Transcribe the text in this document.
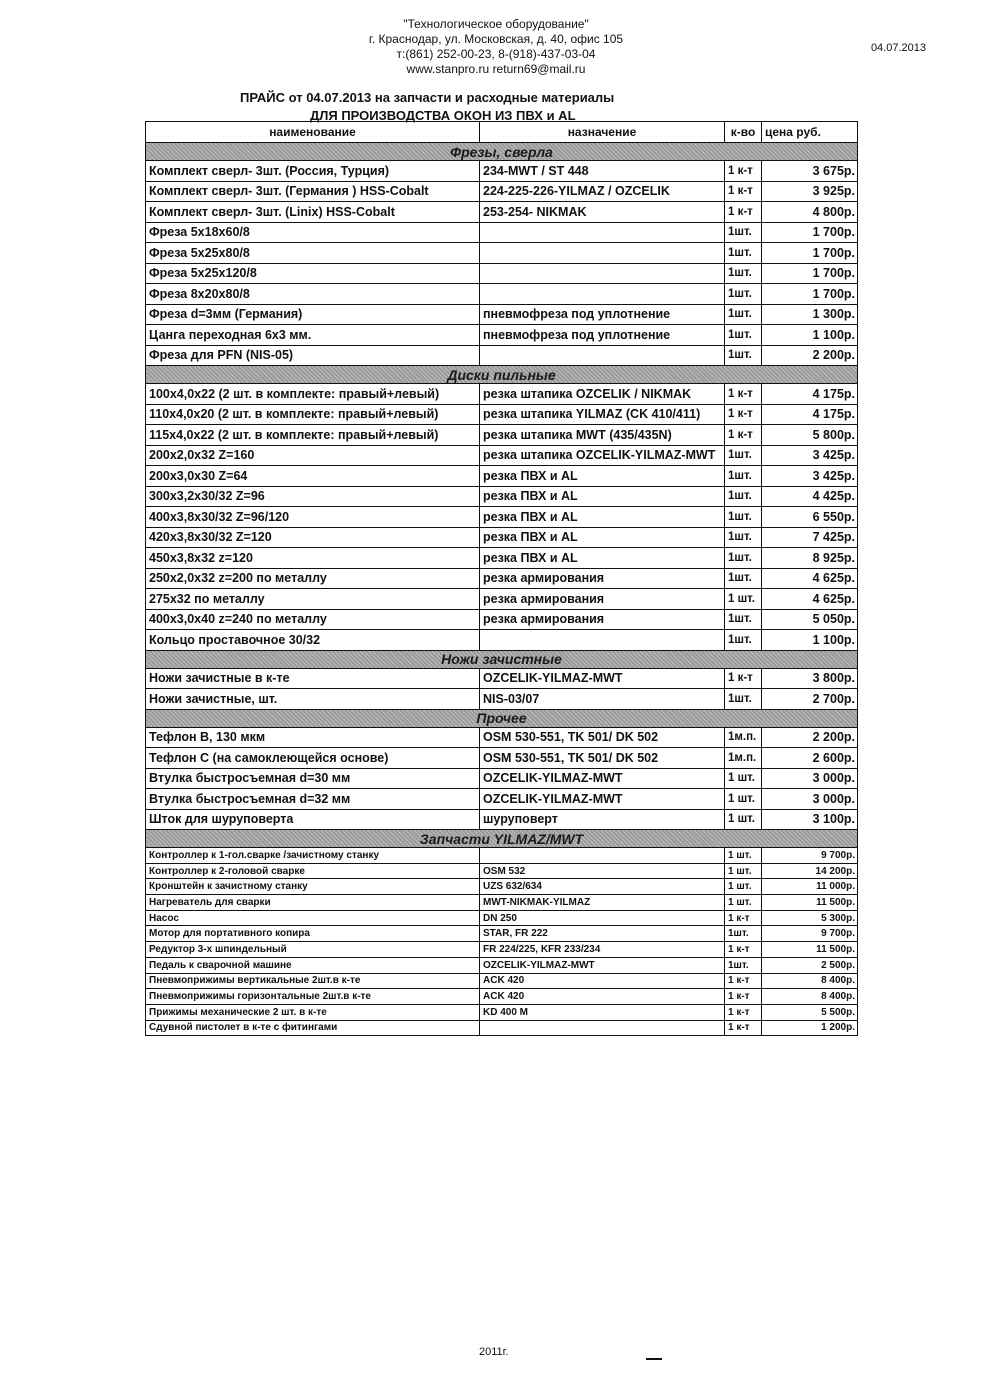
"Технологическое оборудование"
г. Краснодар, ул. Московская, д. 40, офис 105
т:(861) 252-00-23, 8-(918)-437-03-04
www.stanpro.ru return69@mail.ru
04.07.2013
ПРАЙС от 04.07.2013 на запчасти и расходные материалы
ДЛЯ ПРОИЗВОДСТВА ОКОН ИЗ ПВХ и AL
наименование	назначение	к-во	цена руб.
Фрезы, сверла			
Комплект сверл- 3шт. (Россия, Турция)	234-MWT / ST 448	1 к-т	3 675р.
Комплект сверл- 3шт. (Германия ) HSS-Cobalt	224-225-226-YILMAZ / OZCELIK	1 к-т	3 925р.
Комплект сверл- 3шт. (Linix) HSS-Cobalt	253-254- NIKMAK	1 к-т	4 800р.
Фреза 5х18х60/8		1шт.	1 700р.
Фреза 5х25х80/8		1шт.	1 700р.
Фреза 5х25х120/8		1шт.	1 700р.
Фреза 8х20х80/8		1шт.	1 700р.
Фреза d=3мм (Германия)	пневмофреза под уплотнение	1шт.	1 300р.
Цанга переходная 6х3 мм.	пневмофреза под уплотнение	1шт.	1 100р.
Фреза для PFN (NIS-05)		1шт.	2 200р.
Диски пильные			
100х4,0х22 (2 шт. в комплекте: правый+левый)	резка штапика OZCELIK / NIKMAK	1 к-т	4 175р.
110х4,0х20 (2 шт. в комплекте: правый+левый)	резка штапика YILMAZ (CK 410/411)	1 к-т	4 175р.
115х4,0х22 (2 шт. в комплекте: правый+левый)	резка штапика MWT (435/435N)	1 к-т	5 800р.
200х2,0х32 Z=160	резка штапика OZCELIK-YILMAZ-MWT	1шт.	3 425р.
200х3,0х30 Z=64	резка ПВХ и AL	1шт.	3 425р.
300х3,2х30/32 Z=96	резка ПВХ и AL	1шт.	4 425р.
400х3,8х30/32 Z=96/120	резка ПВХ и AL	1шт.	6 550р.
420х3,8х30/32 Z=120	резка ПВХ и AL	1шт.	7 425р.
450х3,8х32 z=120	резка ПВХ и AL	1шт.	8 925р.
250х2,0х32 z=200 по металлу	резка армирования	1шт.	4 625р.
275х32 по металлу	резка армирования	1 шт.	4 625р.
400х3,0х40 z=240 по металлу	резка армирования	1шт.	5 050р.
Кольцо проставочное 30/32		1шт.	1 100р.
Ножи зачистные			
Ножи зачистные в к-те	OZCELIK-YILMAZ-MWT	1 к-т	3 800р.
Ножи зачистные, шт.	NIS-03/07	1шт.	2 700р.
Прочее			
Тефлон В, 130 мкм	OSM 530-551, TK 501/ DK 502	1м.п.	2 200р.
Тефлон С (на самоклеющейся основе)	OSM 530-551, TK 501/ DK 502	1м.п.	2 600р.
Втулка быстросъемная d=30 мм	OZCELIK-YILMAZ-MWT	1 шт.	3 000р.
Втулка быстросъемная d=32 мм	OZCELIK-YILMAZ-MWT	1 шт.	3 000р.
Шток для шуруповерта	шуруповерт	1 шт.	3 100р.
Запчасти YILMAZ/MWT			
Контроллер к 1-гол.сварке /зачистному станку		1 шт.	9 700р.
Контроллер к 2-головой сварке	OSM 532	1 шт.	14 200р.
Кронштейн к зачистному станку	UZS 632/634	1 шт.	11 000р.
Нагреватель для сварки	MWT-NIKMAK-YILMAZ	1 шт.	11 500р.
Насос	DN 250	1 к-т	5 300р.
Мотор для портативного копира	STAR, FR 222	1шт.	9 700р.
Редуктор 3-х шпиндельный	FR 224/225, KFR 233/234	1 к-т	11 500р.
Педаль к сварочной машине	OZCELIK-YILMAZ-MWT	1шт.	2 500р.
Пневмоприжимы вертикальные 2шт.в к-те	ACK 420	1 к-т	8 400р.
Пневмоприжимы горизонтальные 2шт.в к-те	ACK 420	1 к-т	8 400р.
Прижимы механические 2 шт. в к-те	KD 400 M	1 к-т	5 500р.
Сдувной пистолет в к-те с фитингами		1 к-т	1 200р.
2011г.
